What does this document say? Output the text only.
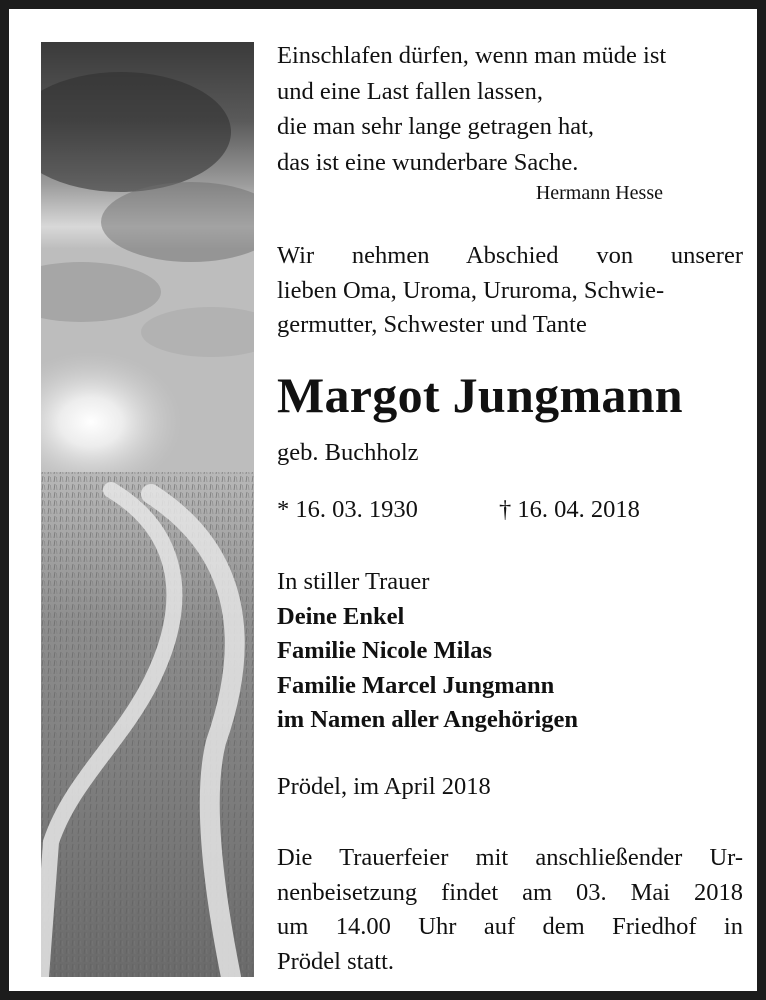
Einschlafen dürfen, wenn man müde ist
und eine Last fallen lassen,
die man sehr lange getragen hat,
das ist eine wunderbare Sache.
Hermann Hesse
Wir nehmen Abschied von unserer
lieben Oma, Uroma, Ururoma, Schwie-
germutter, Schwester und Tante
Margot Jungmann
geb. Buchholz
* 16. 03. 1930	† 16. 04. 2018
In stiller Trauer
Deine Enkel
Familie Nicole Milas
Familie Marcel Jungmann
im Namen aller Angehörigen
Prödel, im April 2018
Die Trauerfeier mit anschließender Ur-
nenbeisetzung findet am 03. Mai 2018
um 14.00 Uhr auf dem Friedhof in
Prödel statt.
